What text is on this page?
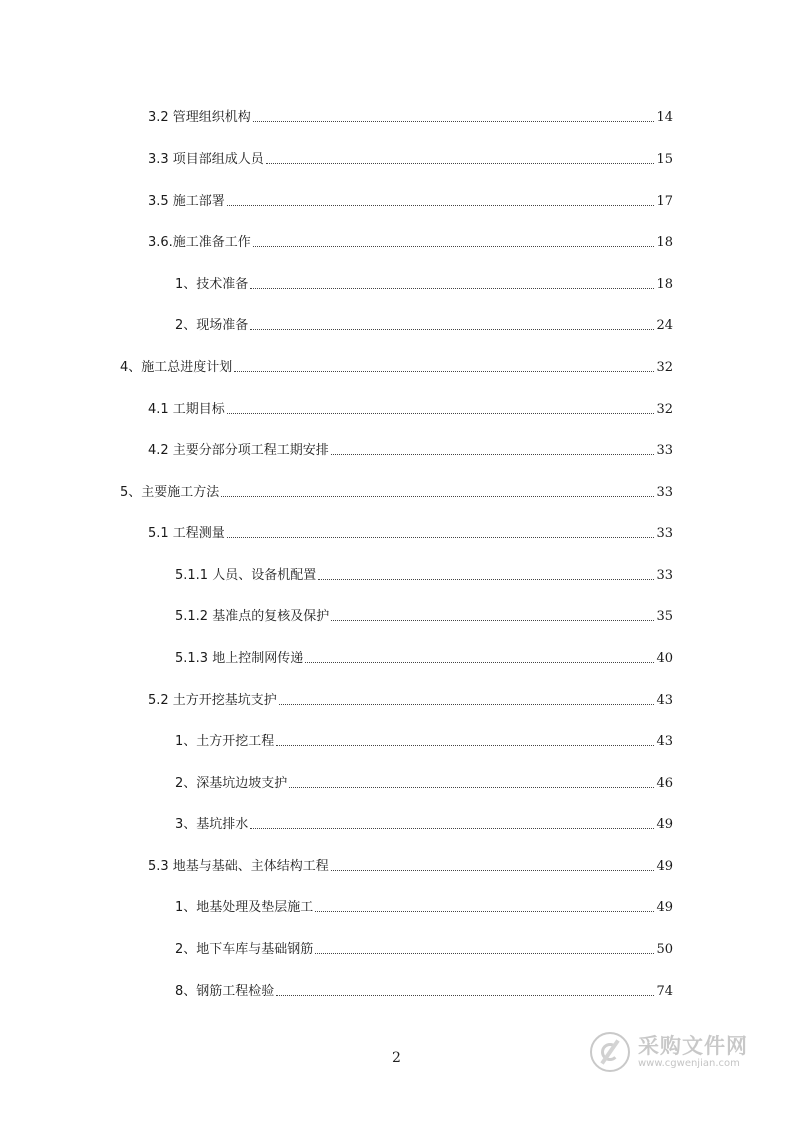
3.2 管理组织机构	14
3.3 项目部组成人员	15
3.5 施工部署	17
3.6.施工准备工作	18
1、技术准备	18
2、现场准备	24
4、施工总进度计划	32
4.1 工期目标	32
4.2 主要分部分项工程工期安排	33
5、主要施工方法	33
5.1 工程测量	33
5.1.1 人员、设备机配置	33
5.1.2 基准点的复核及保护	35
5.1.3 地上控制网传递	40
5.2 土方开挖基坑支护	43
1、土方开挖工程	43
2、深基坑边坡支护	46
3、基坑排水	49
5.3 地基与基础、主体结构工程	49
1、地基处理及垫层施工	49
2、地下车库与基础钢筋	50
8、钢筋工程检验	74
2	采购文件网
www.cgwenjian.com
